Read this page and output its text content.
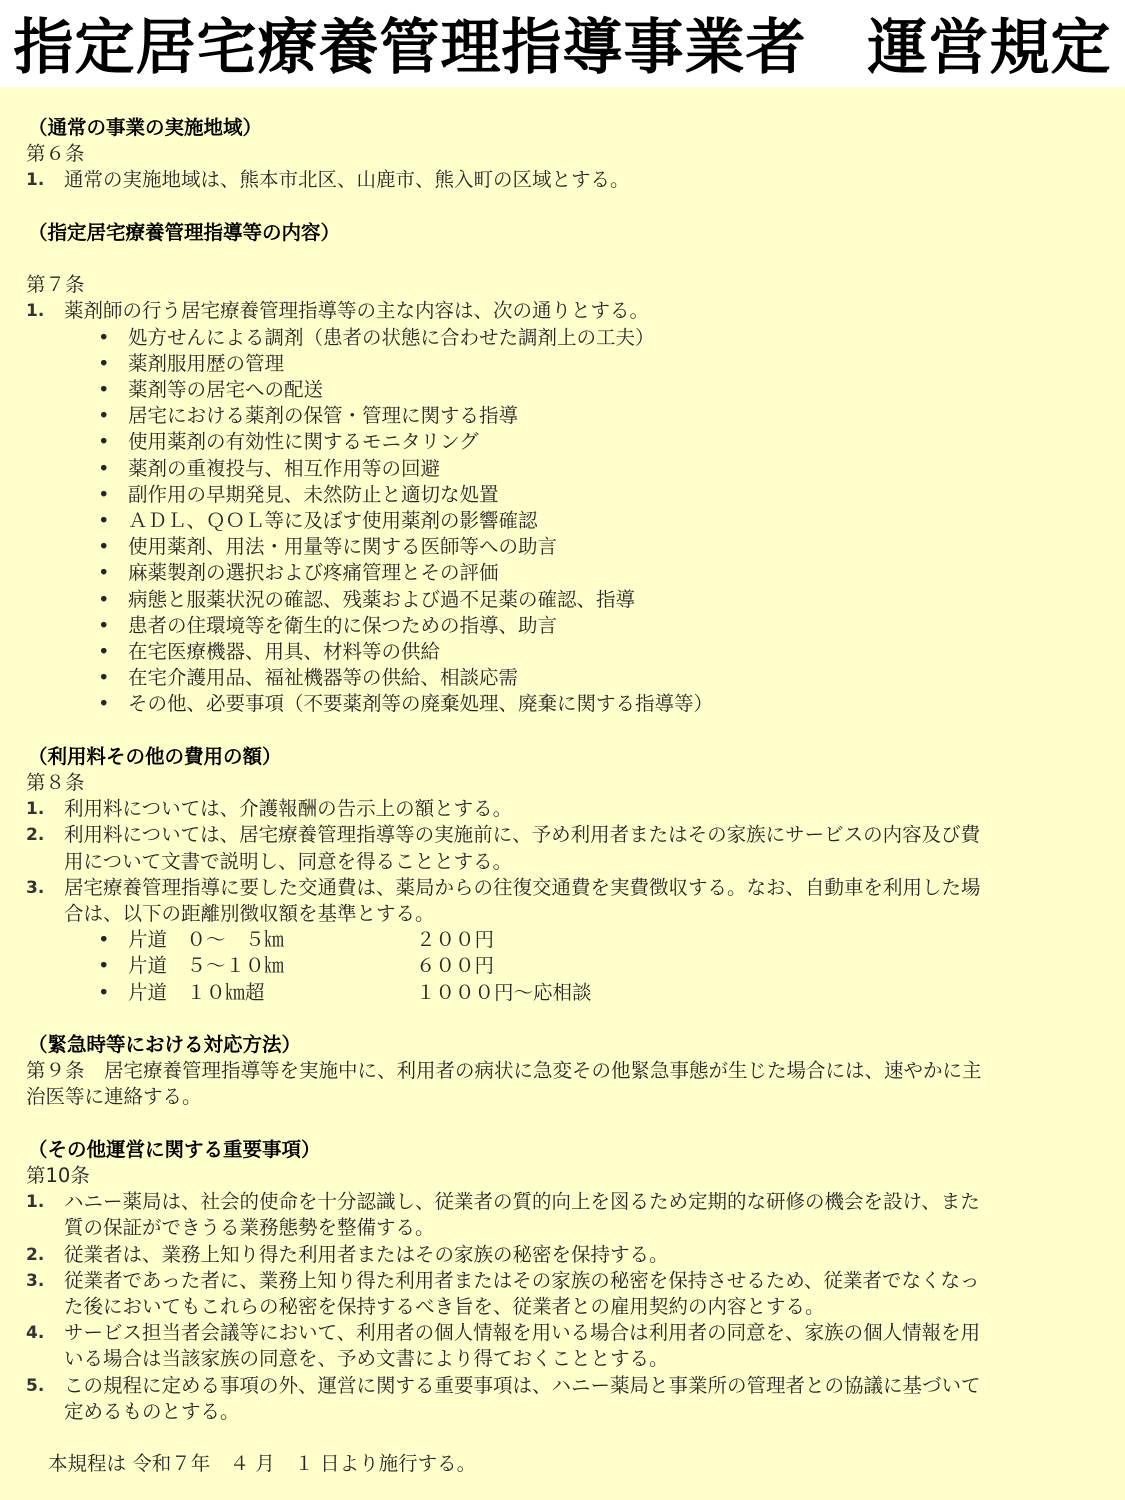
指定居宅療養管理指導事業者　運営規定
（通常の事業の実施地域）
第６条
1.	通常の実施地域は、熊本市北区、山鹿市、熊入町の区域とする。
（指定居宅療養管理指導等の内容）
第７条
1.	薬剤師の行う居宅療養管理指導等の主な内容は、次の通りとする。
• 処方せんによる調剤（患者の状態に合わせた調剤上の工夫）
• 薬剤服用歴の管理
• 薬剤等の居宅への配送
• 居宅における薬剤の保管・管理に関する指導
• 使用薬剤の有効性に関するモニタリング
• 薬剤の重複投与、相互作用等の回避
• 副作用の早期発見、未然防止と適切な処置
• ＡＤＬ、ＱＯＬ等に及ぼす使用薬剤の影響確認
• 使用薬剤、用法・用量等に関する医師等への助言
• 麻薬製剤の選択および疼痛管理とその評価
• 病態と服薬状況の確認、残薬および過不足薬の確認、指導
• 患者の住環境等を衛生的に保つための指導、助言
• 在宅医療機器、用具、材料等の供給
• 在宅介護用品、福祉機器等の供給、相談応需
• その他、必要事項（不要薬剤等の廃棄処理、廃棄に関する指導等）
（利用料その他の費用の額）
第８条
1.	利用料については、介護報酬の告示上の額とする。
2.	利用料については、居宅療養管理指導等の実施前に、予め利用者またはその家族にサービスの内容及び費
用について文書で説明し、同意を得ることとする。
3.	居宅療養管理指導に要した交通費は、薬局からの往復交通費を実費徴収する。なお、自動車を利用した場
合は、以下の距離別徴収額を基準とする。
• 片道　０～　５㎞	２００円
• 片道　５～１０㎞	６００円
• 片道　１０㎞超	１０００円～応相談
（緊急時等における対応方法）
第９条　居宅療養管理指導等を実施中に、利用者の病状に急変その他緊急事態が生じた場合には、速やかに主
治医等に連絡する。
（その他運営に関する重要事項）
第10条
1.	ハニー薬局は、社会的使命を十分認識し、従業者の質的向上を図るため定期的な研修の機会を設け、また
質の保証ができうる業務態勢を整備する。
2.	従業者は、業務上知り得た利用者またはその家族の秘密を保持する。
3.	従業者であった者に、業務上知り得た利用者またはその家族の秘密を保持させるため、従業者でなくなっ
た後においてもこれらの秘密を保持するべき旨を、従業者との雇用契約の内容とする。
4.	サービス担当者会議等において、利用者の個人情報を用いる場合は利用者の同意を、家族の個人情報を用
いる場合は当該家族の同意を、予め文書により得ておくこととする。
5.	この規程に定める事項の外、運営に関する重要事項は、ハニー薬局と事業所の管理者との協議に基づいて
定めるものとする。
本規程は 令和７年　４ 月　１ 日より施行する。
